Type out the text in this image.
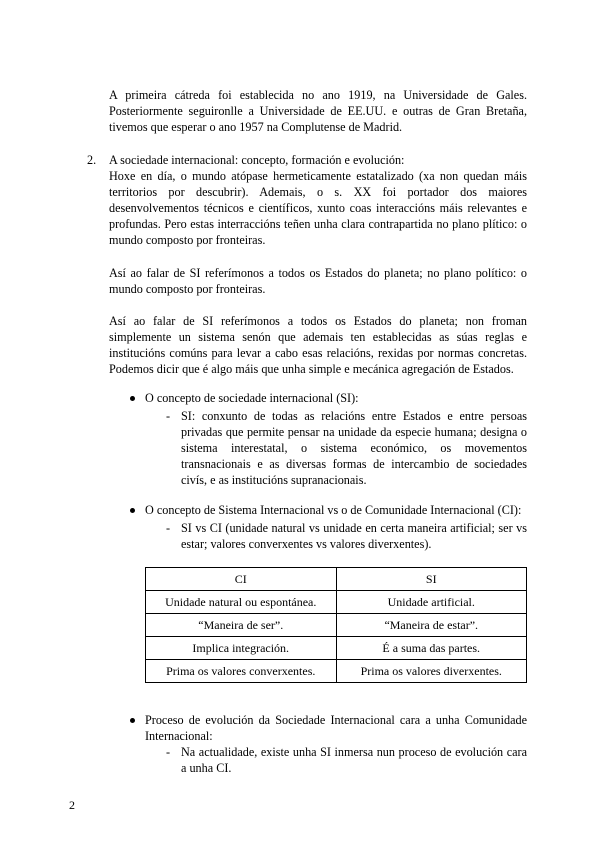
A primeira cátreda foi establecida no ano 1919, na Universidade de Gales. Posteriormente seguironlle a Universidade de EE.UU. e outras de Gran Bretaña, tivemos que esperar o ano 1957 na Complutense de Madrid.

2. A sociedade internacional: concepto, formación e evolución:

Hoxe en día, o mundo atópase hermeticamente estatalizado (xa non quedan máis territorios por descubrir). Ademais, o s. XX foi portador dos maiores desenvolvementos técnicos e científicos, xunto coas interaccións máis relevantes e profundas. Pero estas interraccións teñen unha clara contrapartida no plano plítico: o mundo composto por fronteiras.

Así ao falar de SI referímonos a todos os Estados do planeta; no plano político: o mundo composto por fronteiras.

Así ao falar de SI referímonos a todos os Estados do planeta; non froman simplemente un sistema senón que ademais ten establecidas as súas reglas e institucións comúns para levar a cabo esas relacións, rexidas por normas concretas. Podemos dicir que é algo máis que unha simple e mecánica agregación de Estados.

O concepto de sociedade internacional (SI):

- SI: conxunto de todas as relacións entre Estados e entre persoas privadas que permite pensar na unidade da especie humana; designa o sistema interestatal, o sistema económico, os movementos transnacionais e as diversas formas de intercambio de sociedades civís, e as institucións supranacionais.

O concepto de Sistema Internacional vs o de Comunidade Internacional (CI):

- SI vs CI (unidade natural vs unidade en certa maneira artificial; ser vs estar; valores converxentes vs valores diverxentes).

CI	SI
Unidade natural ou espontánea.	Unidade artificial.
“Maneira de ser”.	“Maneira de estar”.
Implica integración.	É a suma das partes.
Prima os valores converxentes.	Prima os valores diverxentes.

Proceso de evolución da Sociedade Internacional cara a unha Comunidade Internacional:

- Na actualidade, existe unha SI inmersa nun proceso de evolución cara a unha CI.

2
